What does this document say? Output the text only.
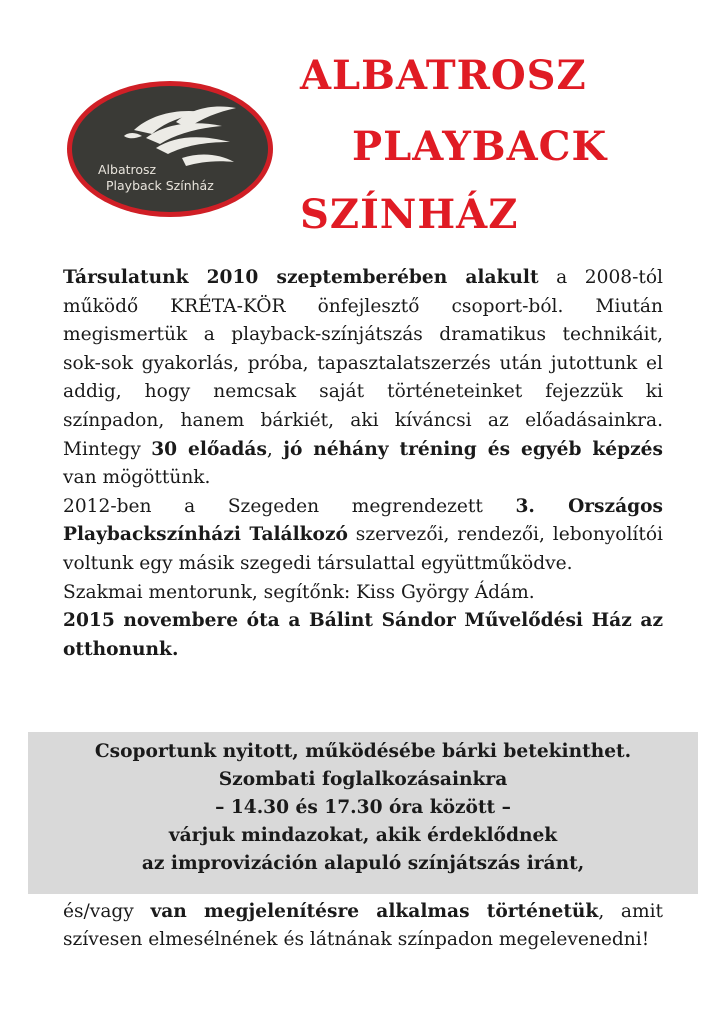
Albatrosz
Playback Színház
ALBATROSZ
PLAYBACK
SZÍNHÁZ

Társulatunk 2010 szeptemberében alakult a 2008-tól működő KRÉTA-KÖR önfejlesztő csoport-ból. Miután megismertük a playback-színjátszás dramatikus technikáit, sok-sok gyakorlás, próba, tapasztalatszerzés után jutottunk el addig, hogy nemcsak saját történeteinket fejezzük ki színpadon, hanem bárkiét, aki kíváncsi az előadásainkra. Mintegy 30 előadás, jó néhány tréning és egyéb képzés van mögöttünk.

2012-ben a Szegeden megrendezett 3. Országos Playbackszínházi Találkozó szervezői, rendezői, lebonyolítói voltunk egy másik szegedi társulattal együttműködve.

Szakmai mentorunk, segítőnk: Kiss György Ádám.

2015 novembere óta a Bálint Sándor Művelődési Ház az otthonunk.

Csoportunk nyitott, működésébe bárki betekinthet.
Szombati foglalkozásainkra
– 14.30 és 17.30 óra között –
várjuk mindazokat, akik érdeklődnek
az improvizáción alapuló színjátszás iránt,

és/vagy van megjelenítésre alkalmas történetük, amit szívesen elmesélnének és látnának színpadon megelevenedni!
